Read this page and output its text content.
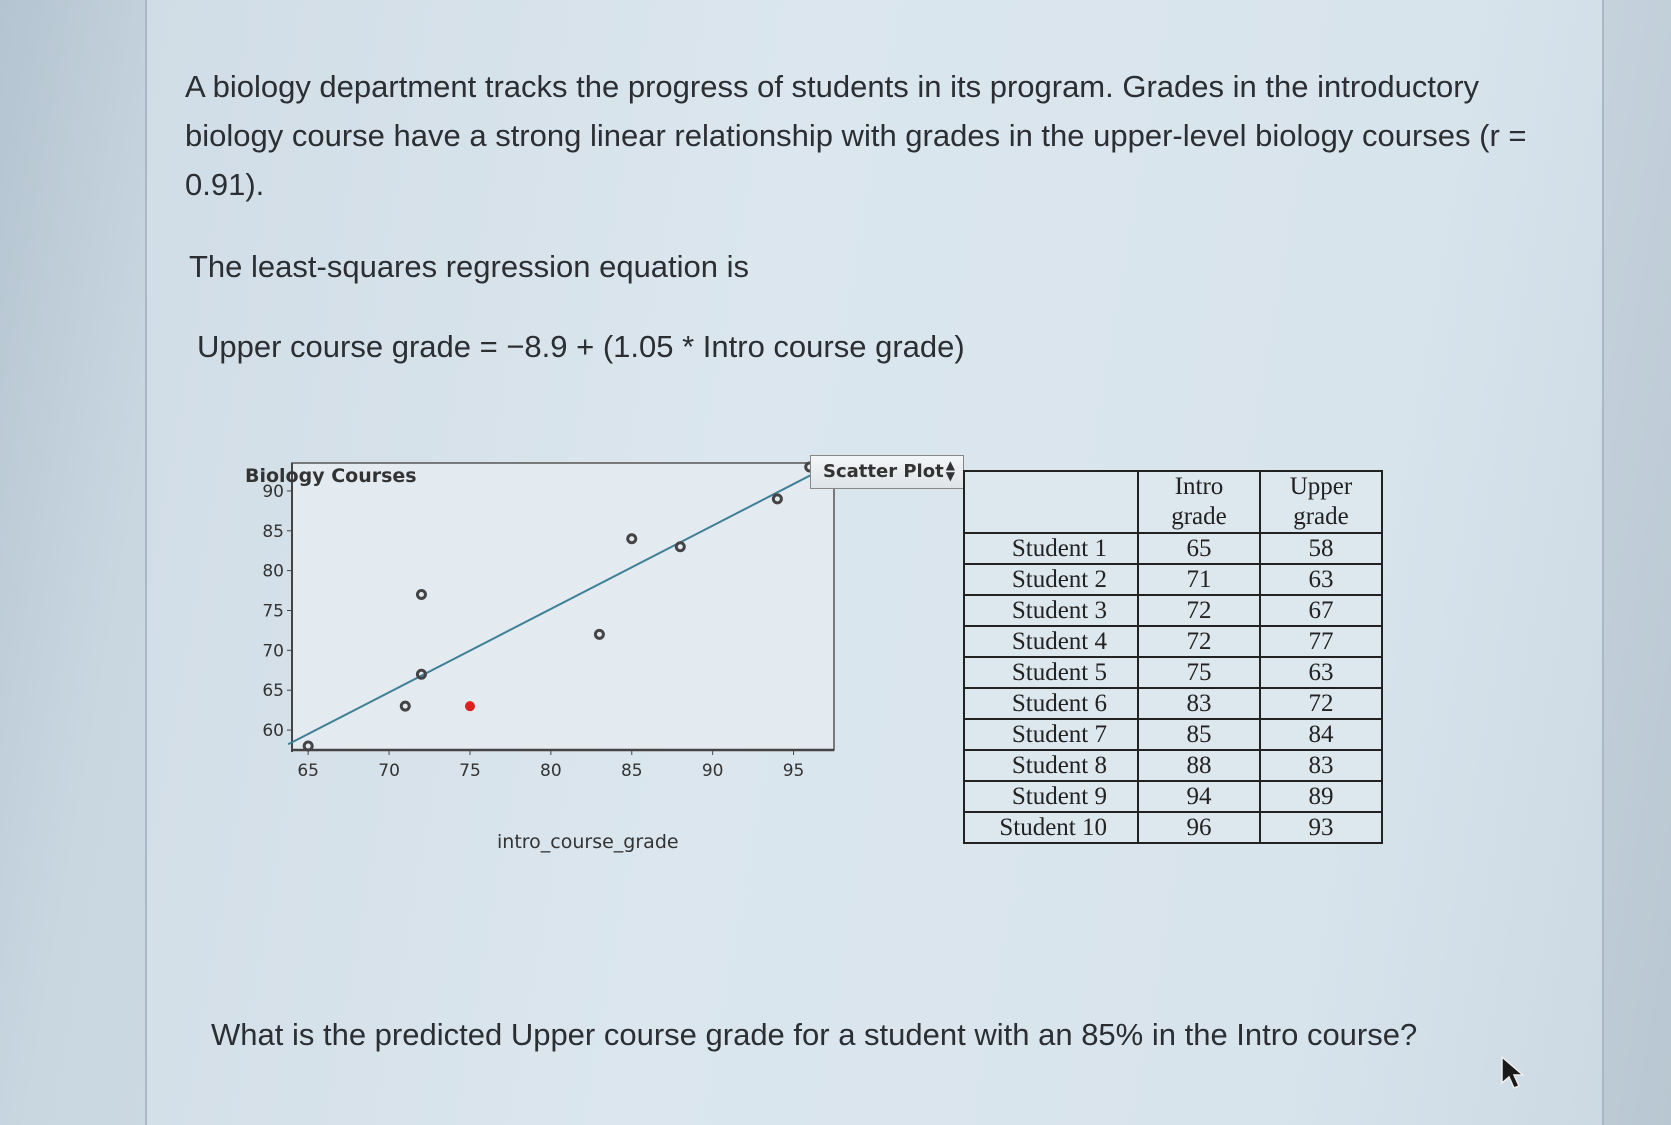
A biology department tracks the progress of students in its program. Grades in the introductory biology course have a strong linear relationship with grades in the upper-level biology courses (r = 0.91).

The least-squares regression equation is

Upper course grade = −8.9 + (1.05 * Intro course grade)

60
65
70
75
80
85
90
65	70	75	80	85	90	95
Biology Courses	Scatter Plot ▲
▼
intro_course_grade
	Intro grade	Upper grade
Student 1	65	58
Student 2	71	63
Student 3	72	67
Student 4	72	77
Student 5	75	63
Student 6	83	72
Student 7	85	84
Student 8	88	83
Student 9	94	89
Student 10	96	93

What is the predicted Upper course grade for a student with an 85% in the Intro course?
